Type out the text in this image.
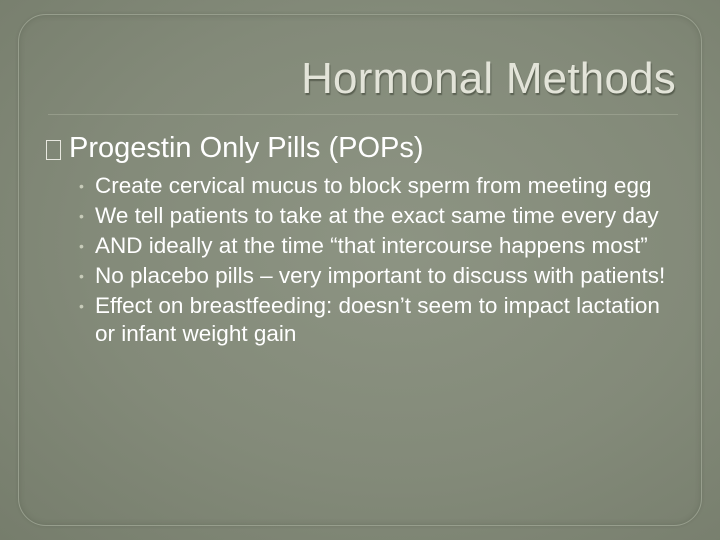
Hormonal Methods
Progestin Only Pills (POPs)
• Create cervical mucus to block sperm from meeting egg
• We tell patients to take at the exact same time every day
• AND ideally at the time “that intercourse happens most”
• No placebo pills – very important to discuss with patients!
• Effect on breastfeeding: doesn’t seem to impact lactation or infant weight gain
